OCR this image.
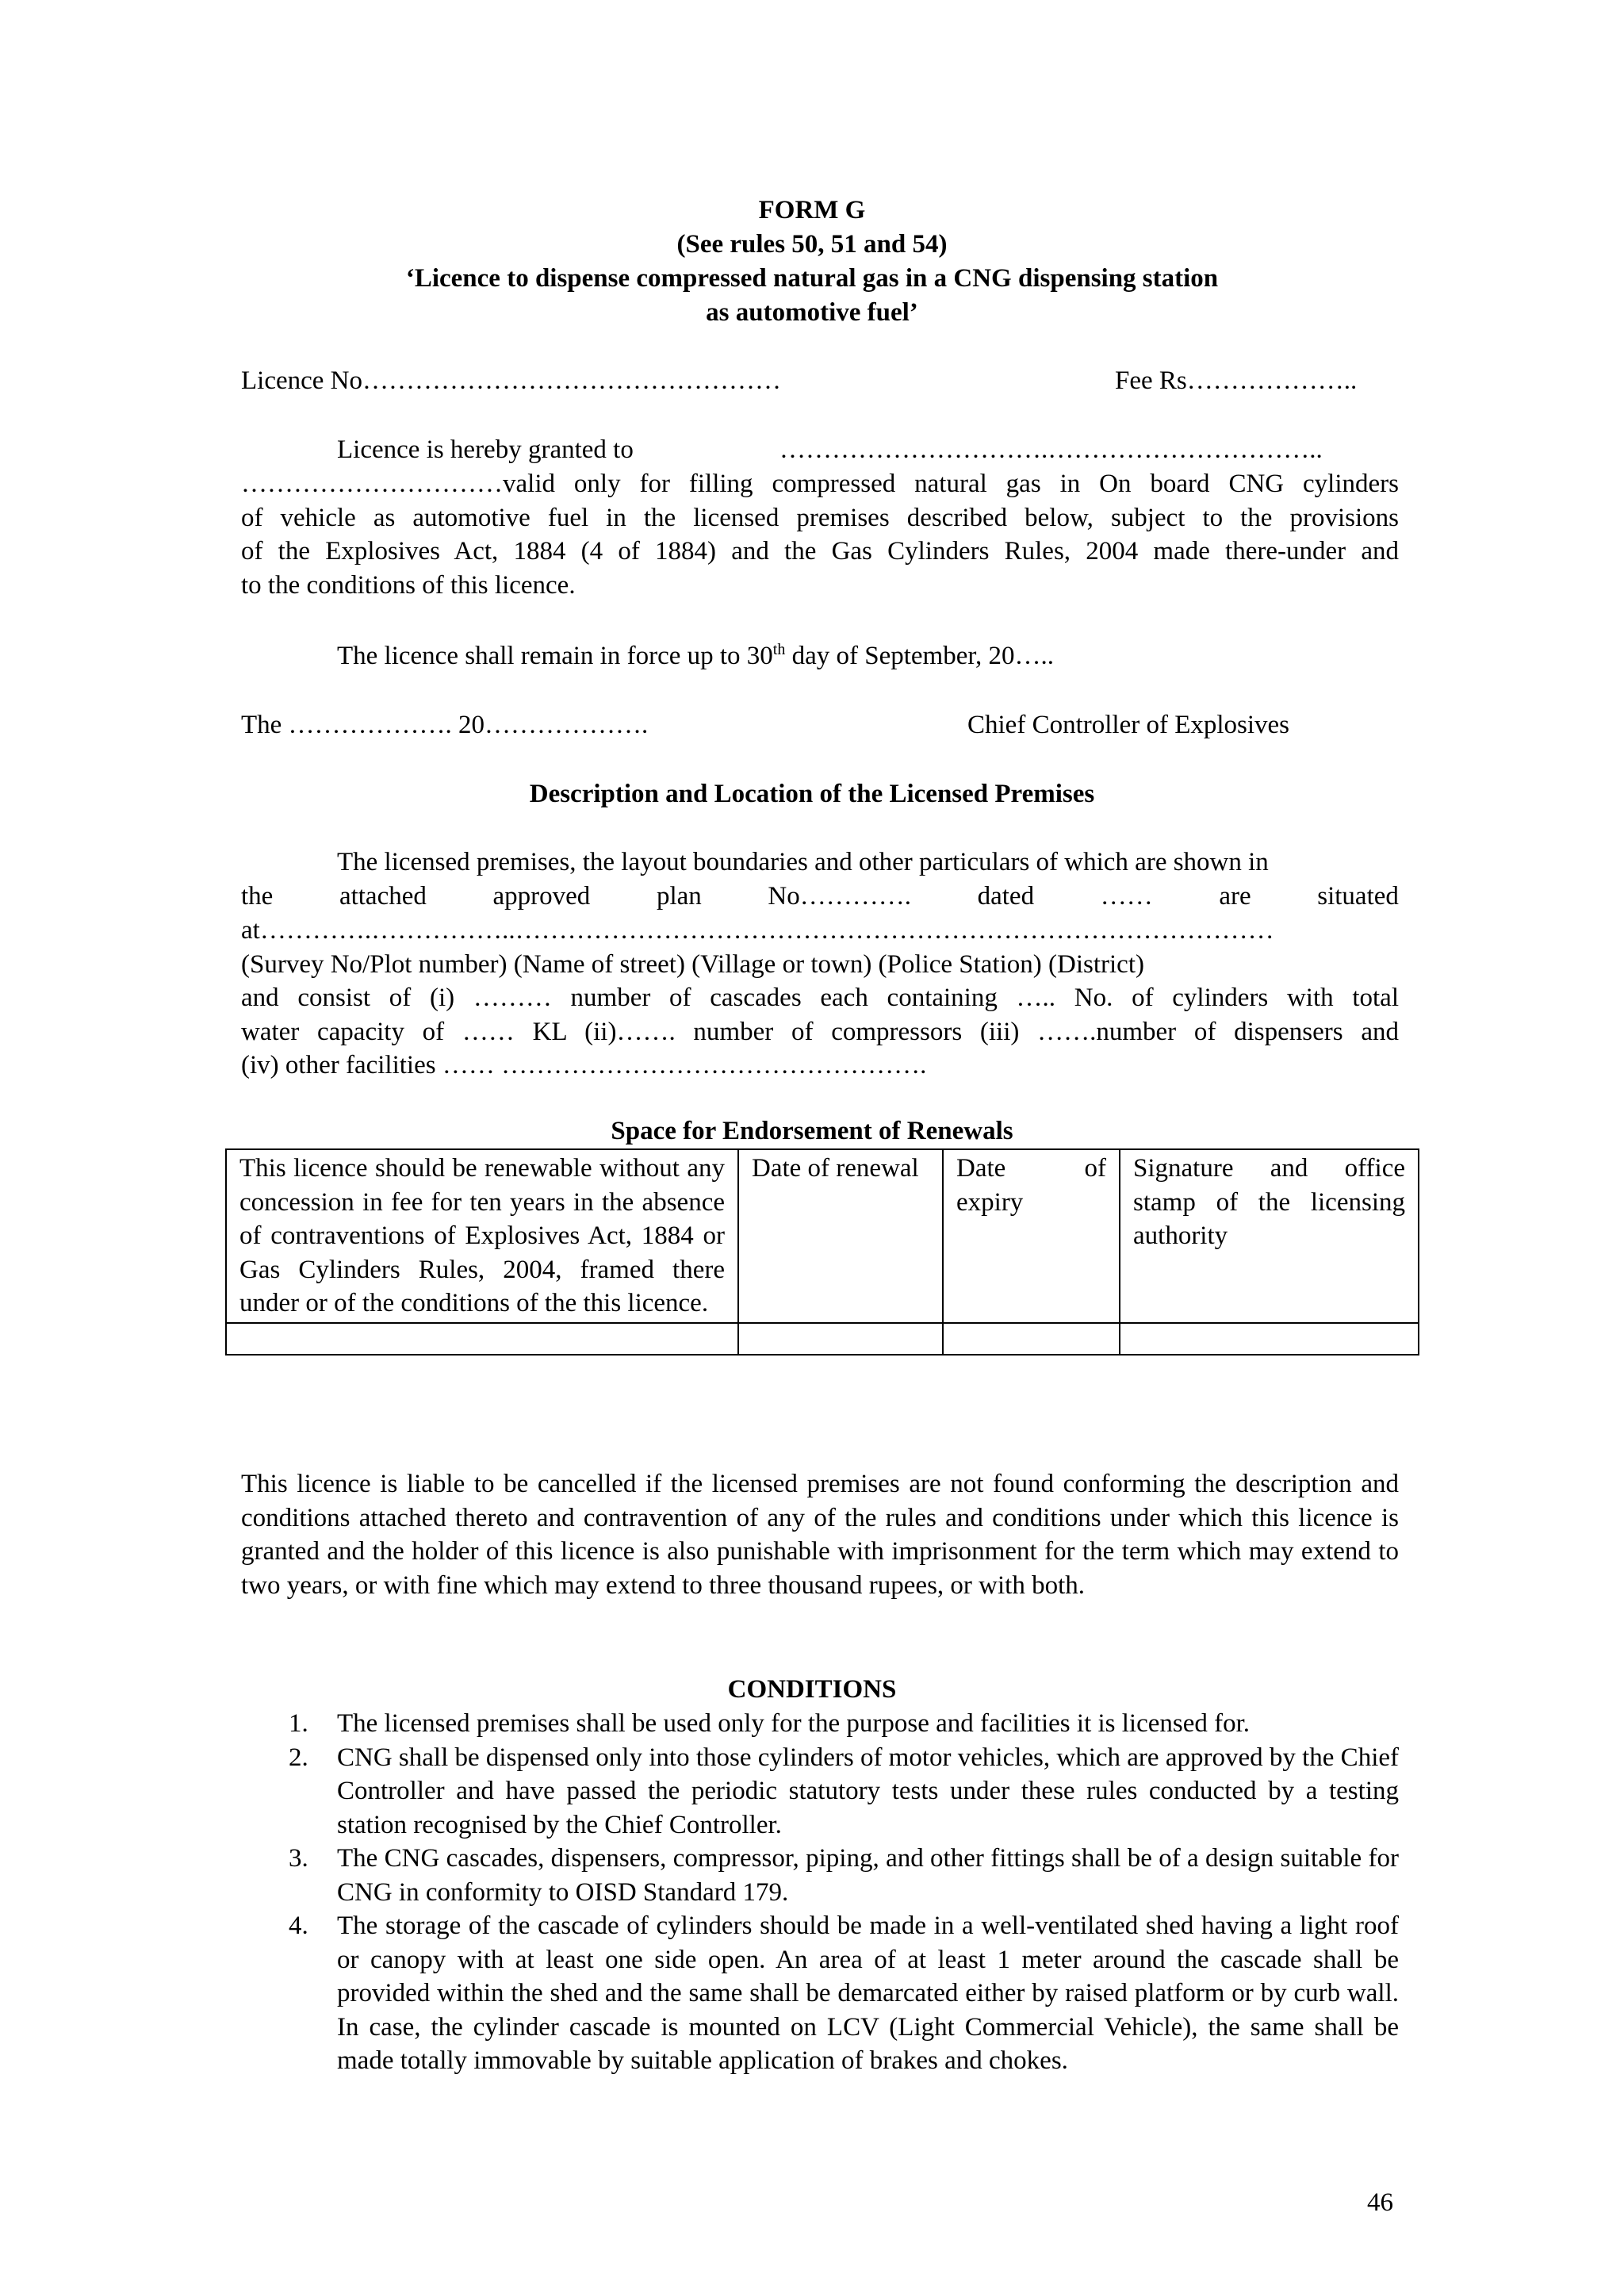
FORM G
(See rules 50, 51 and 54)
‘Licence to dispense compressed natural gas in a CNG dispensing station
as automotive fuel’
Licence No…………………………………………	Fee Rs………………..
Licence is hereby granted to	………………………….…………………………..
…………………………valid only for filling compressed natural gas in On board CNG cylinders
of vehicle as automotive fuel in the licensed premises described below, subject to the provisions
of the Explosives Act, 1884 (4 of 1884) and the Gas Cylinders Rules, 2004 made there-under and
to the conditions of this licence.
The licence shall remain in force up to 30th day of September, 20…..
The ………………. 20……………….	Chief Controller of Explosives
Description and Location of the Licensed Premises
The licensed premises, the layout boundaries and other particulars of which are shown in
the	attached	approved	plan	No………….	dated	……	are	situated
at………….……………..……………………………………………………………………………
(Survey No/Plot number) (Name of street) (Village or town) (Police Station) (District)
and consist of (i) ……… number of cascades each containing ….. No. of cylinders with total
water capacity of …… KL (ii)……. number of compressors (iii) …….number of dispensers and
(iv) other facilities …… ………………………………………….
Space for Endorsement of Renewals
This licence should be renewable without any concession in fee for ten years in the absence of contraventions of Explosives Act, 1884 or Gas Cylinders Rules, 2004, framed there under or of the conditions of the this licence.	Date of renewal	Date of expiry	Signature and office stamp of the licensing authority

This licence is liable to be cancelled if the licensed premises are not found conforming the description and conditions attached thereto and contravention of any of the rules and conditions under which this licence is granted and the holder of this licence is also punishable with imprisonment for the term which may extend to two years, or with fine which may extend to three thousand rupees, or with both.
CONDITIONS
1. The licensed premises shall be used only for the purpose and facilities it is licensed for.
2. CNG shall be dispensed only into those cylinders of motor vehicles, which are approved by the Chief Controller and have passed the periodic statutory tests under these rules conducted by a testing station recognised by the Chief Controller.
3. The CNG cascades, dispensers, compressor, piping, and other fittings shall be of a design suitable for CNG in conformity to OISD Standard 179.
4. The storage of the cascade of cylinders should be made in a well-ventilated shed having a light roof or canopy with at least one side open. An area of at least 1 meter around the cascade shall be provided within the shed and the same shall be demarcated either by raised platform or by curb wall. In case, the cylinder cascade is mounted on LCV (Light Commercial Vehicle), the same shall be made totally immovable by suitable application of brakes and chokes.
46
